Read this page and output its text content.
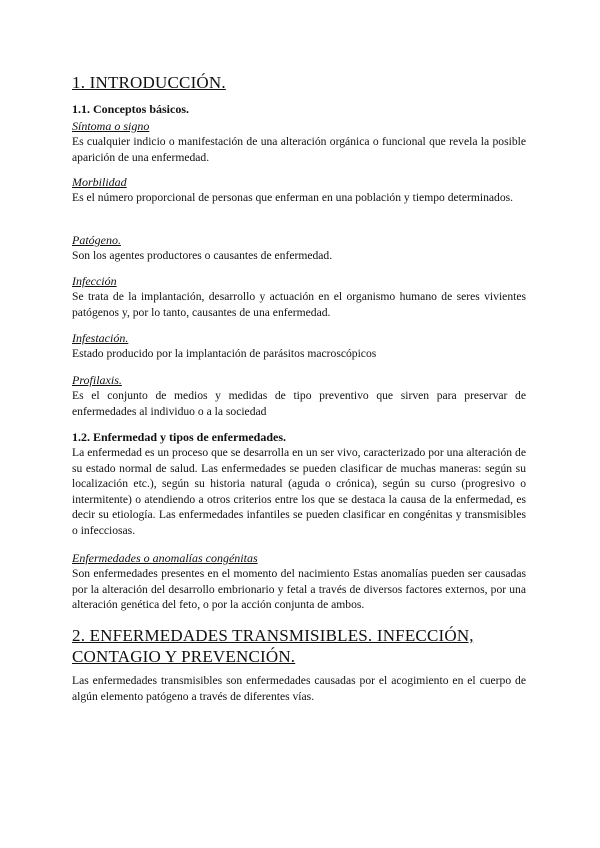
1. INTRODUCCIÓN.
1.1. Conceptos básicos.
Síntoma o signo

Es cualquier indicio o manifestación de una alteración orgánica o funcional que revela la posible aparición de una enfermedad.

Morbilidad

Es el número proporcional de personas que enferman en una población y tiempo determinados.

Patógeno.

Son los agentes productores o causantes de enfermedad.

Infección

Se trata de la implantación, desarrollo y actuación en el organismo humano de seres vivientes patógenos y, por lo tanto, causantes de una enfermedad.

Infestación.

Estado producido por la implantación de parásitos macroscópicos

Profilaxis.

Es el conjunto de medios y medidas de tipo preventivo que sirven para preservar de enfermedades al individuo o a la sociedad

1.2. Enfermedad y tipos de enfermedades.

La enfermedad es un proceso que se desarrolla en un ser vivo, caracterizado por una alteración de su estado normal de salud. Las enfermedades se pueden clasificar de muchas maneras: según su localización etc.), según su historia natural (aguda o crónica), según su curso (progresivo o intermitente) o atendiendo a otros criterios entre los que se destaca la causa de la enfermedad, es decir su etiología. Las enfermedades infantiles se pueden clasificar en congénitas y transmisibles o infecciosas.

Enfermedades o anomalías congénitas

Son enfermedades presentes en el momento del nacimiento Estas anomalías pueden ser causadas por la alteración del desarrollo embrionario y fetal a través de diversos factores externos, por una alteración genética del feto, o por la acción conjunta de ambos.

2. ENFERMEDADES TRANSMISIBLES. INFECCIÓN, CONTAGIO Y PREVENCIÓN.

Las enfermedades transmisibles son enfermedades causadas por el acogimiento en el cuerpo de algún elemento patógeno a través de diferentes vías.
